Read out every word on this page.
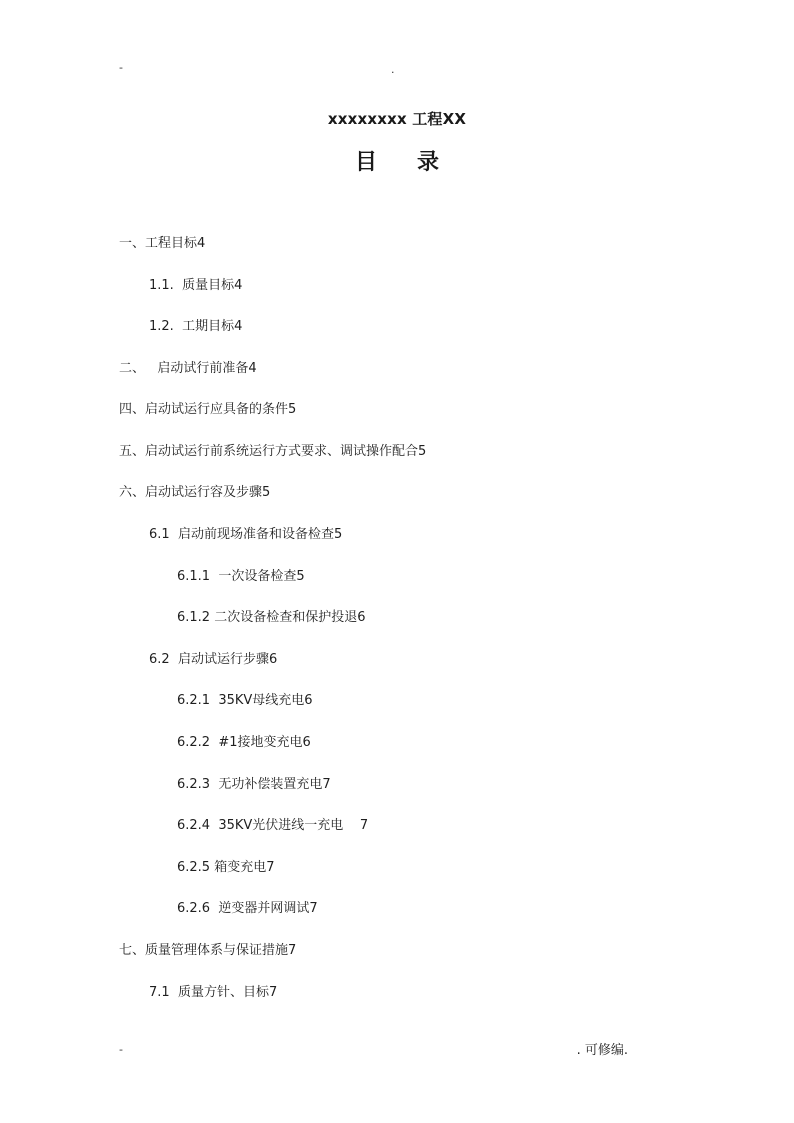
-	.
xxxxxxxx 工程XX
目 录
一、工程目标4
1.1.  质量目标4
1.2.  工期目标4
二、   启动试行前准备4
四、启动试运行应具备的条件5
五、启动试运行前系统运行方式要求、调试操作配合5
六、启动试运行容及步骤5
6.1  启动前现场准备和设备检查5
6.1.1  一次设备检查5
6.1.2 二次设备检查和保护投退6
6.2  启动试运行步骤6
6.2.1  35KV母线充电6
6.2.2  #1接地变充电6
6.2.3  无功补偿装置充电7
6.2.4  35KV光伏进线一充电    7
6.2.5 箱变充电7
6.2.6  逆变器并网调试7
七、质量管理体系与保证措施7
7.1  质量方针、目标7
-	. 可修编.
